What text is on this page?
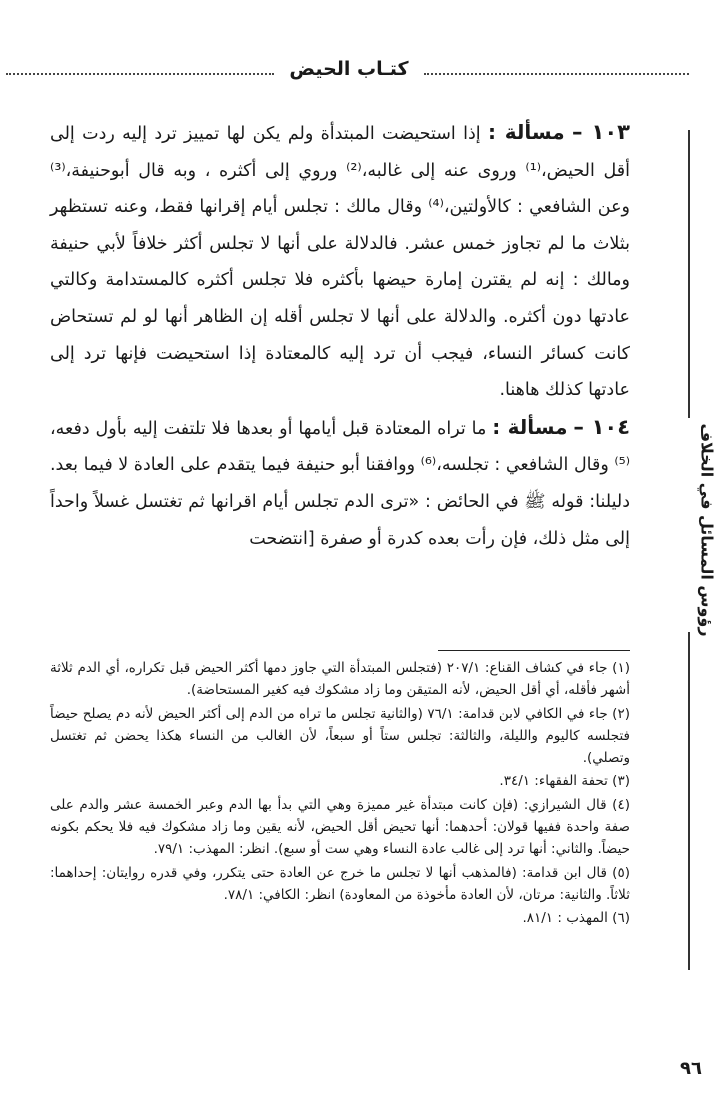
كتـاب الحيض
رؤوس المسائل في الخلاف

١٠٣ – مسألة : إذا استحيضت المبتدأة ولم يكن لها تمييز ترد إليه ردت إلى أقل الحيض،⁽¹⁾ وروى عنه إلى غالبه،⁽²⁾ وروي إلى أكثره ، وبه قال أبوحنيفة،⁽³⁾ وعن الشافعي : كالأولتين،⁽⁴⁾ وقال مالك : تجلس أيام إقرانها فقط، وعنه تستظهر بثلاث ما لم تجاوز خمس عشر. فالدلالة على أنها لا تجلس أكثر خلافاً لأبي حنيفة ومالك : إنه لم يقترن إمارة حيضها بأكثره فلا تجلس أكثره كالمستدامة وكالتي عادتها دون أكثره. والدلالة على أنها لا تجلس أقله إن الظاهر أنها لو لم تستحاض كانت كسائر النساء، فيجب أن ترد إليه كالمعتادة إذا استحيضت فإنها ترد إلى عادتها كذلك هاهنا.

١٠٤ – مسألة : ما تراه المعتادة قبل أيامها أو بعدها فلا تلتفت إليه بأول دفعه،⁽⁵⁾ وقال الشافعي : تجلسه،⁽⁶⁾ ووافقنا أبو حنيفة فيما يتقدم على العادة لا فيما بعد. دليلنا: قوله ﷺ في الحائض : «ترى الدم تجلس أيام اقرانها ثم تغتسل غسلاً واحداً إلى مثل ذلك، فإن رأت بعده كدرة أو صفرة [انتضحت

(١) جاء في كشاف القناع: ٢٠٧/١ (فتجلس المبتدأة التي جاوز دمها أكثر الحيض قبل تكراره، أي الدم ثلاثة أشهر فأقله، أي أقل الحيض، لأنه المتيقن وما زاد مشكوك فيه كغير المستحاضة).

(٢) جاء في الكافي لابن قدامة: ٧٦/١ (والثانية تجلس ما تراه من الدم إلى أكثر الحيض لأنه دم يصلح حيضاً فتجلسه كاليوم والليلة، والثالثة: تجلس ستاً أو سبعاً، لأن الغالب من النساء هكذا يحضن ثم تغتسل وتصلي).

(٣) تحفة الفقهاء: ٣٤/١.

(٤) قال الشيرازي: (فإن كانت مبتدأة غير مميزة وهي التي بدأ بها الدم وعبر الخمسة عشر والدم على صفة واحدة ففيها قولان: أحدهما: أنها تحيض أقل الحيض، لأنه يقين وما زاد مشكوك فيه فلا يحكم بكونه حيضاً. والثاني: أنها ترد إلى غالب عادة النساء وهي ست أو سبع). انظر: المهذب: ٧٩/١.

(٥) قال ابن قدامة: (فالمذهب أنها لا تجلس ما خرج عن العادة حتى يتكرر، وفي قدره روايتان: إحداهما: ثلاثاً. والثانية: مرتان، لأن العادة مأخوذة من المعاودة) انظر: الكافي: ٧٨/١.

(٦) المهذب : ٨١/١.

٩٦
